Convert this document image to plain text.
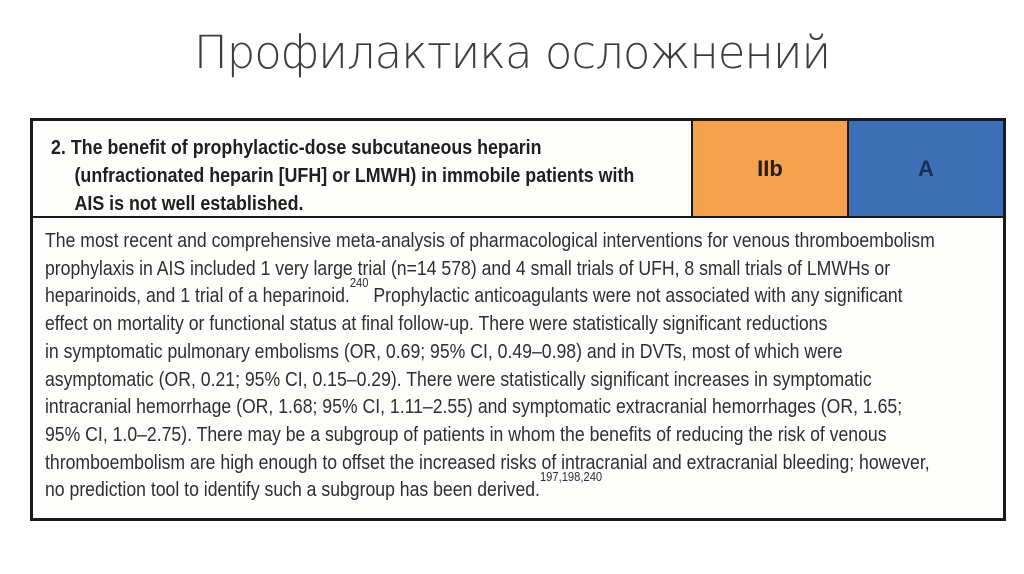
Профилактика осложнений
2. The benefit of prophylactic-dose subcutaneous heparin
(unfractionated heparin [UFH] or LMWH) in immobile patients with
AIS is not well established.
IIb	A
The most recent and comprehensive meta-analysis of pharmacological interventions for venous thromboembolism
prophylaxis in AIS included 1 very large trial (n=14 578) and 4 small trials of UFH, 8 small trials of LMWHs or
heparinoids, and 1 trial of a heparinoid.$^{240}$ Prophylactic anticoagulants were not associated with any significant
effect on mortality or functional status at final follow-up. There were statistically significant reductions
in symptomatic pulmonary embolisms (OR, 0.69; 95% CI, 0.49–0.98) and in DVTs, most of which were
asymptomatic (OR, 0.21; 95% CI, 0.15–0.29). There were statistically significant increases in symptomatic
intracranial hemorrhage (OR, 1.68; 95% CI, 1.11–2.55) and symptomatic extracranial hemorrhages (OR, 1.65;
95% CI, 1.0–2.75). There may be a subgroup of patients in whom the benefits of reducing the risk of venous
thromboembolism are high enough to offset the increased risks of intracranial and extracranial bleeding; however,
no prediction tool to identify such a subgroup has been derived.$^{197,198,240}$
